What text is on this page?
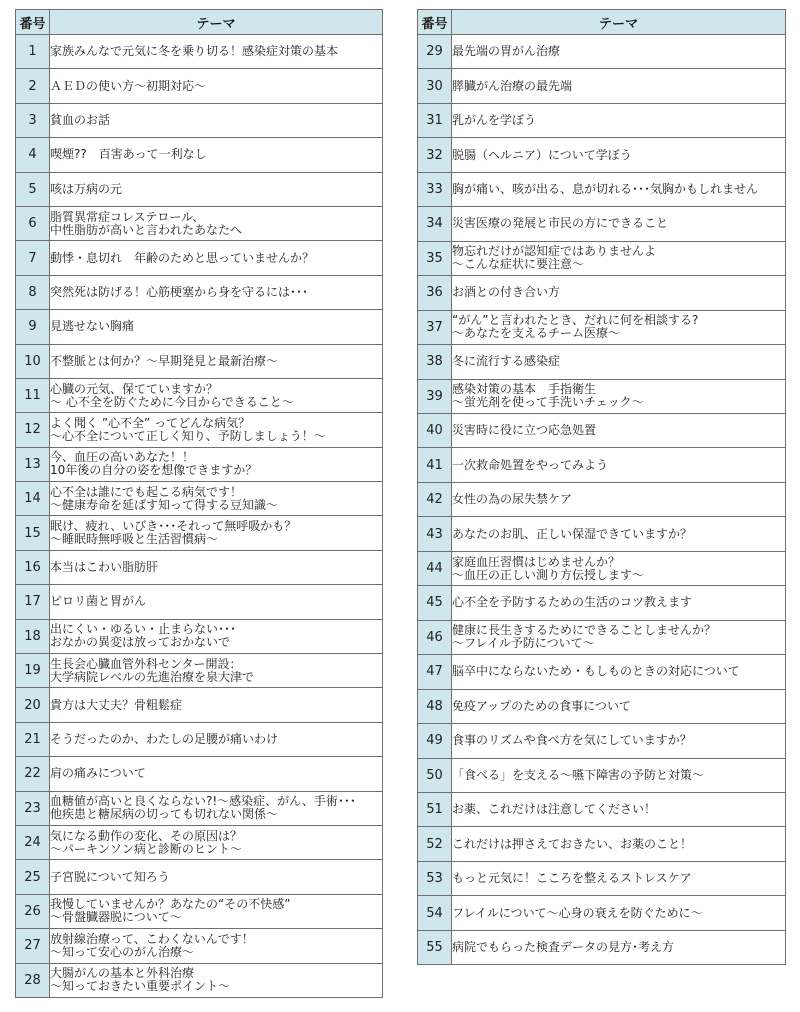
番号	テーマ
1	家族みんなで元気に冬を乗り切る！感染症対策の基本
2	ＡＥＤの使い方～初期対応～
3	貧血のお話
4	喫煙??　百害あって一利なし
5	咳は万病の元
6	脂質異常症コレステロール、
中性脂肪が高いと言われたあなたへ
7	動悸・息切れ　年齢のためと思っていませんか？
8	突然死は防げる！心筋梗塞から身を守るには･･･
9	見逃せない胸痛
10	不整脈とは何か？～早期発見と最新治療～
11	心臓の元気、保てていますか？
～ 心不全を防ぐために今日からできること～
12	よく聞く ”心不全” ってどんな病気？
～心不全について正しく知り、予防しましょう！～
13	今、血圧の高いあなた！！
10年後の自分の姿を想像できますか？
14	心不全は誰にでも起こる病気です！
～健康寿命を延ばす知って得する豆知識～
15	眠け、疲れ、いびき･･･それって無呼吸かも？
～睡眠時無呼吸と生活習慣病～
16	本当はこわい脂肪肝
17	ピロリ菌と胃がん
18	出にくい・ゆるい・止まらない･･･
おなかの異変は放っておかないで
19	生長会心臓血管外科センター開設：
大学病院レベルの先進治療を泉大津で
20	貴方は大丈夫？骨粗鬆症
21	そうだったのか、わたしの足腰が痛いわけ
22	肩の痛みについて
23	血糖値が高いと良くならない?!～感染症、がん、手術･･･
他疾患と糖尿病の切っても切れない関係～
24	気になる動作の変化、その原因は？
～パーキンソン病と診断のヒント～
25	子宮脱について知ろう
26	我慢していませんか？あなたの“その不快感”
～骨盤臓器脱について～
27	放射線治療って、こわくないんです！
～知って安心のがん治療～
28	大腸がんの基本と外科治療
～知っておきたい重要ポイント～
番号	テーマ
29	最先端の胃がん治療
30	膵臓がん治療の最先端
31	乳がんを学ぼう
32	脱腸（ヘルニア）について学ぼう
33	胸が痛い、咳が出る、息が切れる･･･気胸かもしれません
34	災害医療の発展と市民の方にできること
35	物忘れだけが認知症ではありませんよ
～こんな症状に要注意～
36	お酒との付き合い方
37	“がん”と言われたとき、だれに何を相談する?
～あなたを支えるチーム医療～
38	冬に流行する感染症
39	感染対策の基本　手指衛生
～蛍光剤を使って手洗いチェック～
40	災害時に役に立つ応急処置
41	一次救命処置をやってみよう
42	女性の為の尿失禁ケア
43	あなたのお肌、正しい保湿できていますか？
44	家庭血圧習慣はじめませんか？
～血圧の正しい測り方伝授します～
45	心不全を予防するための生活のコツ教えます
46	健康に長生きするためにできることしませんか？
～フレイル予防について～
47	脳卒中にならないため・もしものときの対応について
48	免疫アップのための食事について
49	食事のリズムや食べ方を気にしていますか？
50	「食べる」を支える～嚥下障害の予防と対策～
51	お薬、これだけは注意してください！
52	これだけは押さえておきたい、お薬のこと！
53	もっと元気に！こころを整えるストレスケア
54	フレイルについて～心身の衰えを防ぐために～
55	病院でもらった検査データの見方･考え方
